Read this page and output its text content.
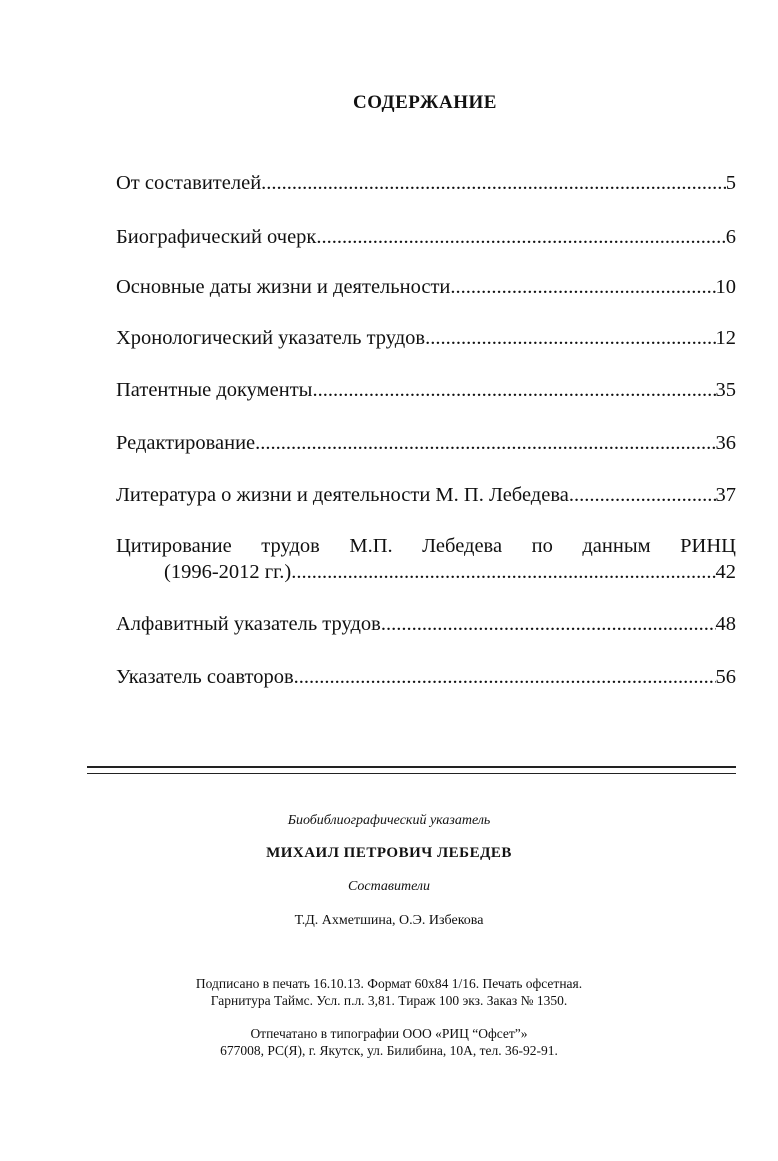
СОДЕРЖАНИЕ
От составителей .....	5
Биографический очерк .....	6
Основные даты жизни и деятельности .....	10
Хронологический указатель трудов .....	12
Патентные документы .....	35
Редактирование .....	36
Литература о жизни и деятельности М. П. Лебедева .....	37
Цитирование трудов М.П. Лебедева по данным РИНЦ
(1996-2012 гг.) .....	42
Алфавитный указатель трудов .....	48
Указатель соавторов .....	56
Биобиблиографический указатель
МИХАИЛ ПЕТРОВИЧ ЛЕБЕДЕВ
Составители
Т.Д. Ахметшина, О.Э. Избекова
Подписано в печать 16.10.13. Формат 60х84 1/16. Печать офсетная.
Гарнитура Таймс. Усл. п.л. 3,81. Тираж 100 экз. Заказ № 1350.
Отпечатано в типографии ООО «РИЦ “Офсет”»
677008, РС(Я), г. Якутск, ул. Билибина, 10А, тел. 36-92-91.
